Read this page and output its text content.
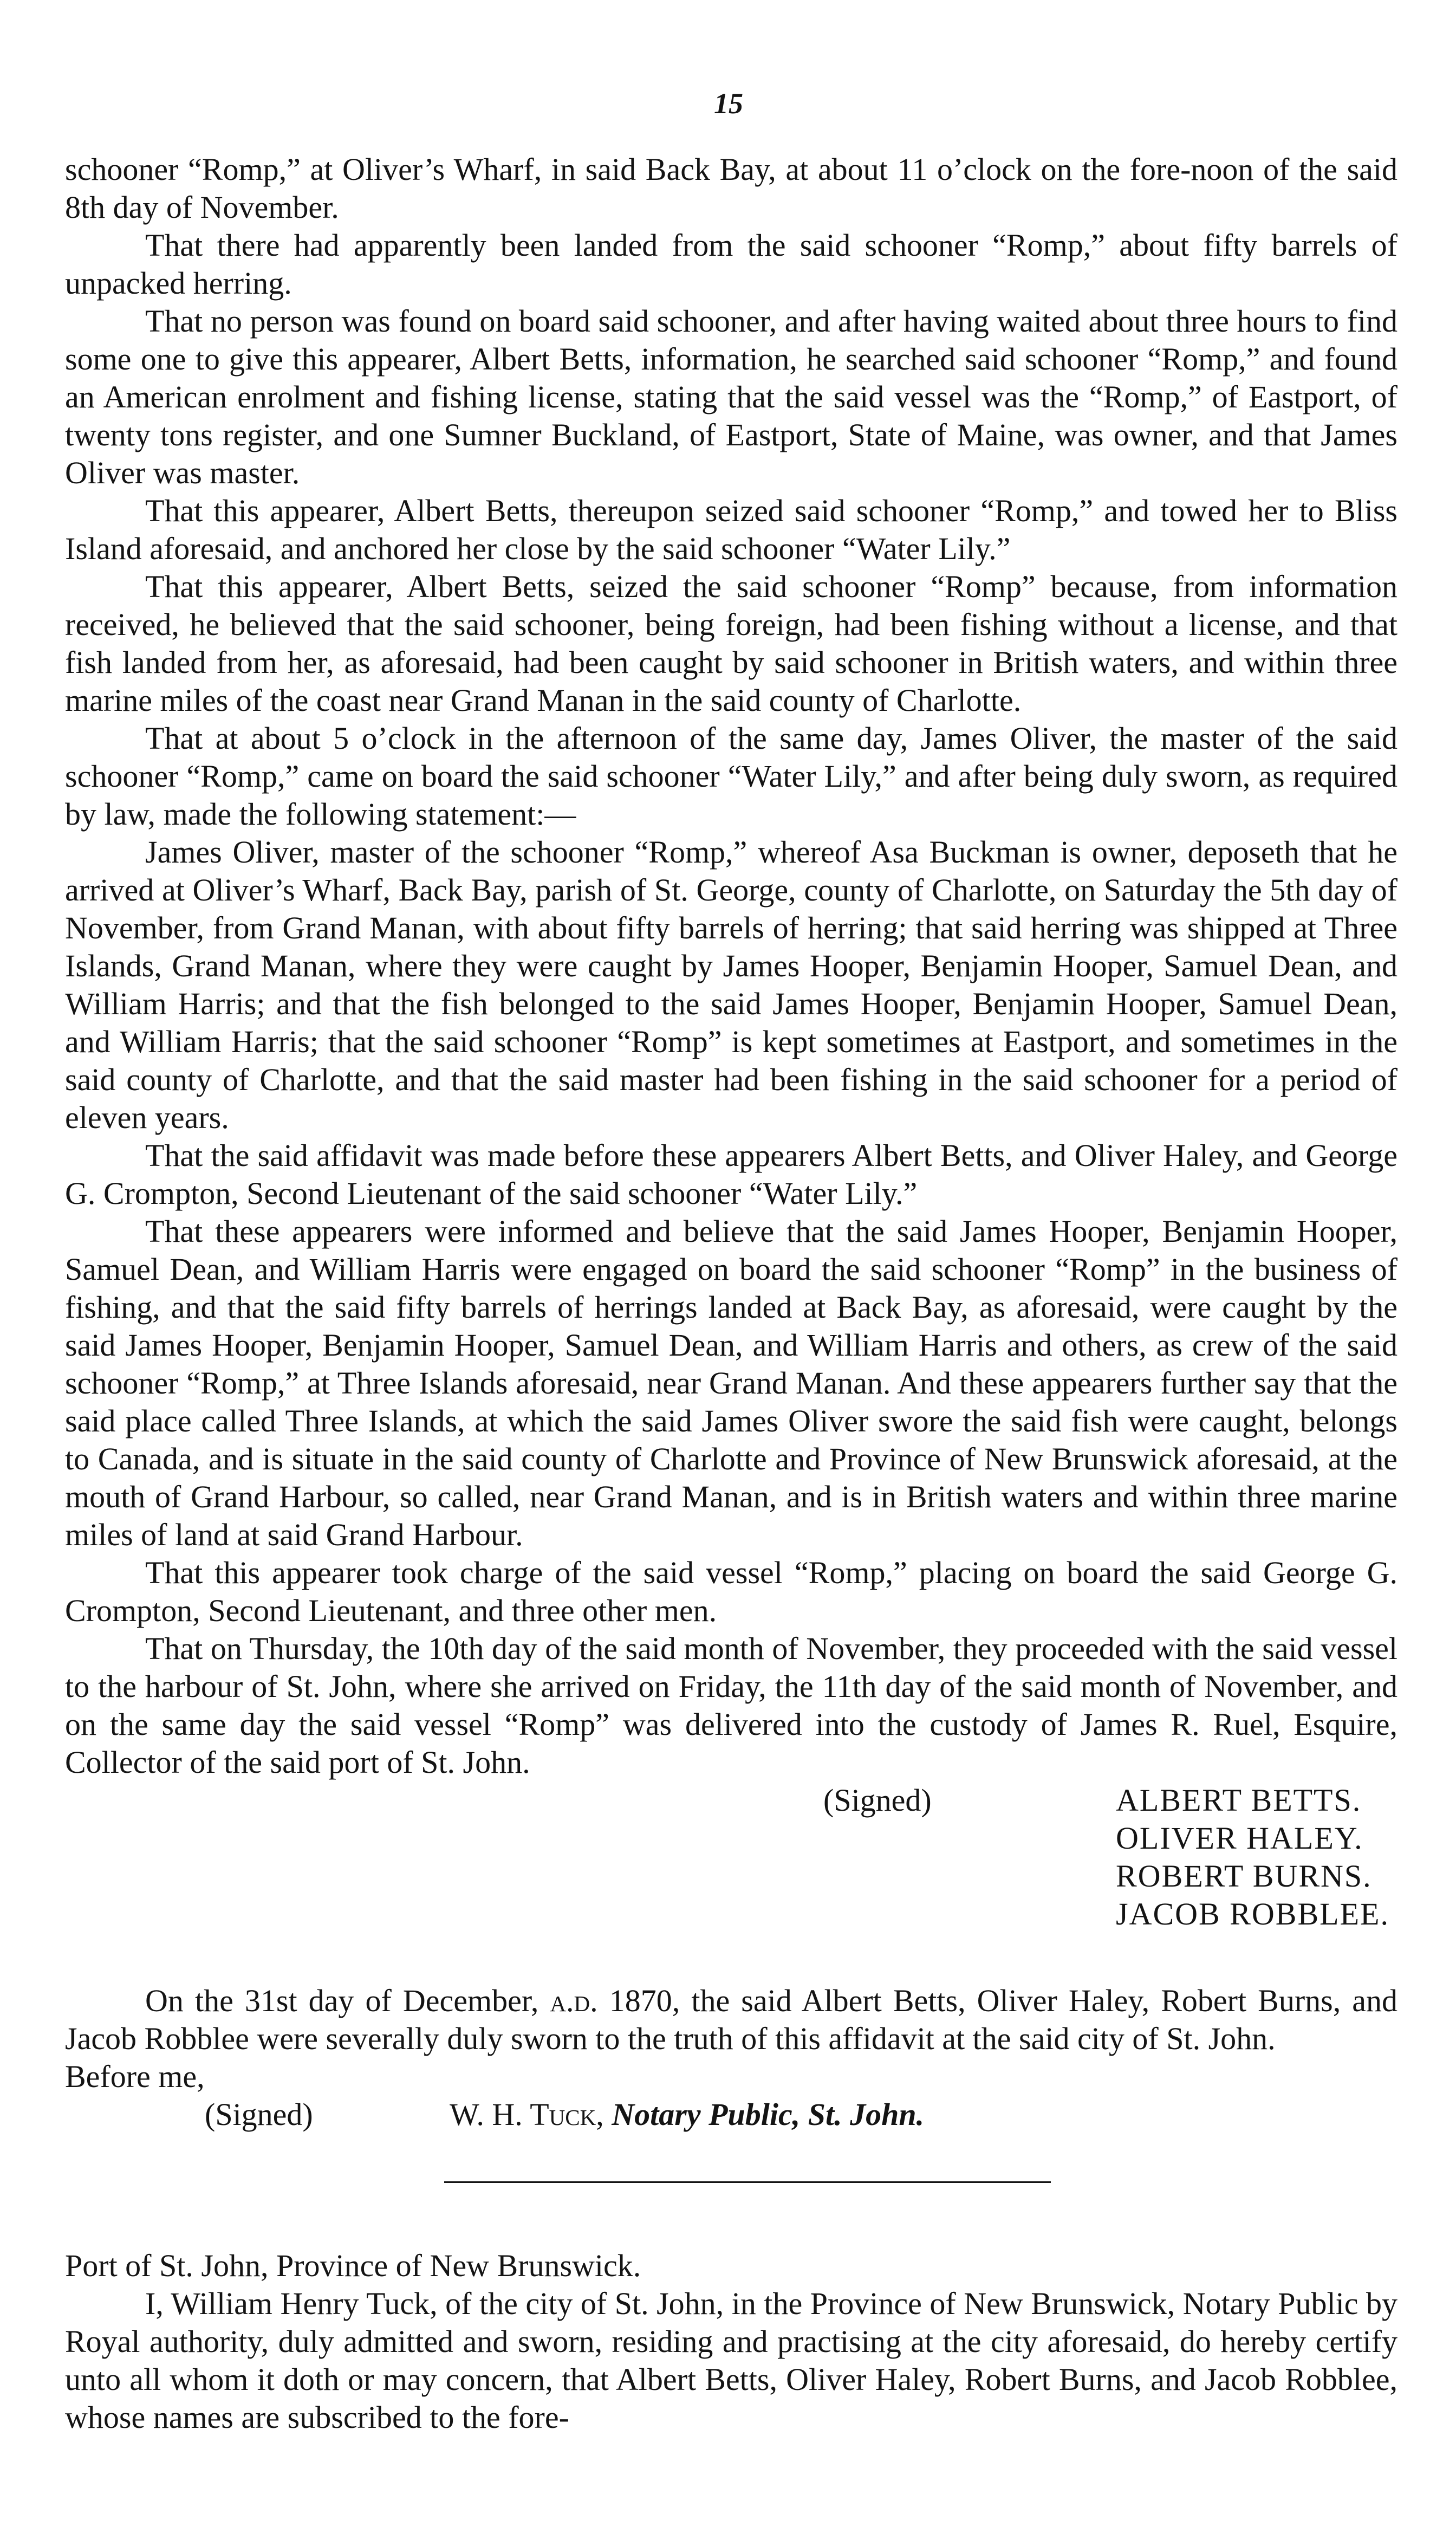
15

schooner “Romp,” at Oliver’s Wharf, in said Back Bay, at about 11 o’clock on the fore-noon of the said 8th day of November.

That there had apparently been landed from the said schooner “Romp,” about fifty barrels of unpacked herring.

That no person was found on board said schooner, and after having waited about three hours to find some one to give this appearer, Albert Betts, information, he searched said schooner “Romp,” and found an American enrolment and fishing license, stating that the said vessel was the “Romp,” of Eastport, of twenty tons register, and one Sumner Buckland, of Eastport, State of Maine, was owner, and that James Oliver was master.

That this appearer, Albert Betts, thereupon seized said schooner “Romp,” and towed her to Bliss Island aforesaid, and anchored her close by the said schooner “Water Lily.”

That this appearer, Albert Betts, seized the said schooner “Romp” because, from information received, he believed that the said schooner, being foreign, had been fishing without a license, and that fish landed from her, as aforesaid, had been caught by said schooner in British waters, and within three marine miles of the coast near Grand Manan in the said county of Charlotte.

That at about 5 o’clock in the afternoon of the same day, James Oliver, the master of the said schooner “Romp,” came on board the said schooner “Water Lily,” and after being duly sworn, as required by law, made the following statement:—

James Oliver, master of the schooner “Romp,” whereof Asa Buckman is owner, deposeth that he arrived at Oliver’s Wharf, Back Bay, parish of St. George, county of Charlotte, on Saturday the 5th day of November, from Grand Manan, with about fifty barrels of herring; that said herring was shipped at Three Islands, Grand Manan, where they were caught by James Hooper, Benjamin Hooper, Samuel Dean, and William Harris; and that the fish belonged to the said James Hooper, Benjamin Hooper, Samuel Dean, and William Harris; that the said schooner “Romp” is kept sometimes at Eastport, and sometimes in the said county of Charlotte, and that the said master had been fishing in the said schooner for a period of eleven years.

That the said affidavit was made before these appearers Albert Betts, and Oliver Haley, and George G. Crompton, Second Lieutenant of the said schooner “Water Lily.”

That these appearers were informed and believe that the said James Hooper, Benjamin Hooper, Samuel Dean, and William Harris were engaged on board the said schooner “Romp” in the business of fishing, and that the said fifty barrels of herrings landed at Back Bay, as aforesaid, were caught by the said James Hooper, Benjamin Hooper, Samuel Dean, and William Harris and others, as crew of the said schooner “Romp,” at Three Islands aforesaid, near Grand Manan. And these appearers further say that the said place called Three Islands, at which the said James Oliver swore the said fish were caught, belongs to Canada, and is situate in the said county of Charlotte and Province of New Brunswick aforesaid, at the mouth of Grand Harbour, so called, near Grand Manan, and is in British waters and within three marine miles of land at said Grand Harbour.

That this appearer took charge of the said vessel “Romp,” placing on board the said George G. Crompton, Second Lieutenant, and three other men.

That on Thursday, the 10th day of the said month of November, they proceeded with the said vessel to the harbour of St. John, where she arrived on Friday, the 11th day of the said month of November, and on the same day the said vessel “Romp” was delivered into the custody of James R. Ruel, Esquire, Collector of the said port of St. John.

(Signed)	ALBERT BETTS.
OLIVER HALEY.
ROBERT BURNS.
JACOB ROBBLEE.

On the 31st day of December, a.d. 1870, the said Albert Betts, Oliver Haley, Robert Burns, and Jacob Robblee were severally duly sworn to the truth of this affidavit at the said city of St. John.

Before me,

(Signed)	W. H. Tuck,
Notary Public, St. John.

Port of St. John, Province of New Brunswick.

I, William Henry Tuck, of the city of St. John, in the Province of New Brunswick, Notary Public by Royal authority, duly admitted and sworn, residing and practising at the city aforesaid, do hereby certify unto all whom it doth or may concern, that Albert Betts, Oliver Haley, Robert Burns, and Jacob Robblee, whose names are subscribed to the fore-
